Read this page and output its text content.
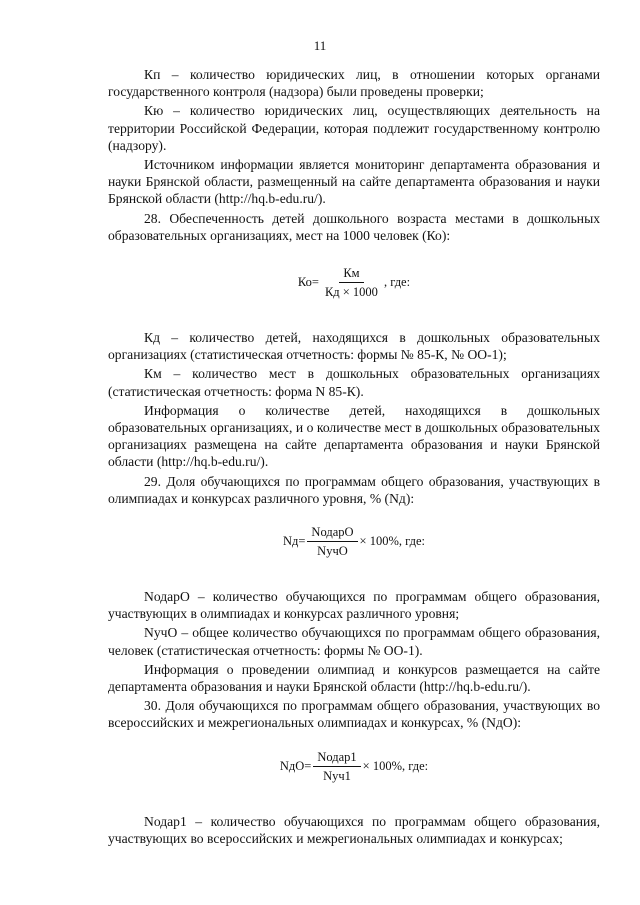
11

Кп – количество юридических лиц, в отношении которых органами государственного контроля (надзора) были проведены проверки;

Кю – количество юридических лиц, осуществляющих деятельность на территории Российской Федерации, которая подлежит государственному контролю (надзору).

Источником информации является мониторинг департамента образования и науки Брянской области, размещенный на сайте департамента образования и науки Брянской области (http://hq.b-edu.ru/).

28. Обеспеченность детей дошкольного возраста местами в дошкольных образовательных организациях, мест на 1000 человек (Ко):

$Ко= \frac{Км}{Кд \times 1000}$ , где:

Кд – количество детей, находящихся в дошкольных образовательных организациях (статистическая отчетность: формы № 85-К, № ОО-1);

Км – количество мест в дошкольных образовательных организациях (статистическая отчетность: форма N 85-К).

Информация о количестве детей, находящихся в дошкольных образовательных организациях, и о количестве мест в дошкольных образовательных организациях размещена на сайте департамента образования и науки Брянской области (http://hq.b-edu.ru/).

29. Доля обучающихся по программам общего образования, участвующих в олимпиадах и конкурсах различного уровня, % (Nд):

$Nд= \frac{\text{NодарО}}{\text{NучО}} \times 100\%$, где:

NодарО – количество обучающихся по программам общего образования, участвующих в олимпиадах и конкурсах различного уровня;

NучО – общее количество обучающихся по программам общего образования, человек (статистическая отчетность: формы № ОО-1).

Информация о проведении олимпиад и конкурсов размещается на сайте департамента образования и науки Брянской области (http://hq.b-edu.ru/).

30. Доля обучающихся по программам общего образования, участвующих во всероссийских и межрегиональных олимпиадах и конкурсах, % (NдО):

$NдО= \frac{\text{Nодар1}}{\text{Nуч1}} \times 100\%$, где:

Nодар1 – количество обучающихся по программам общего образования, участвующих во всероссийских и межрегиональных олимпиадах и конкурсах;
